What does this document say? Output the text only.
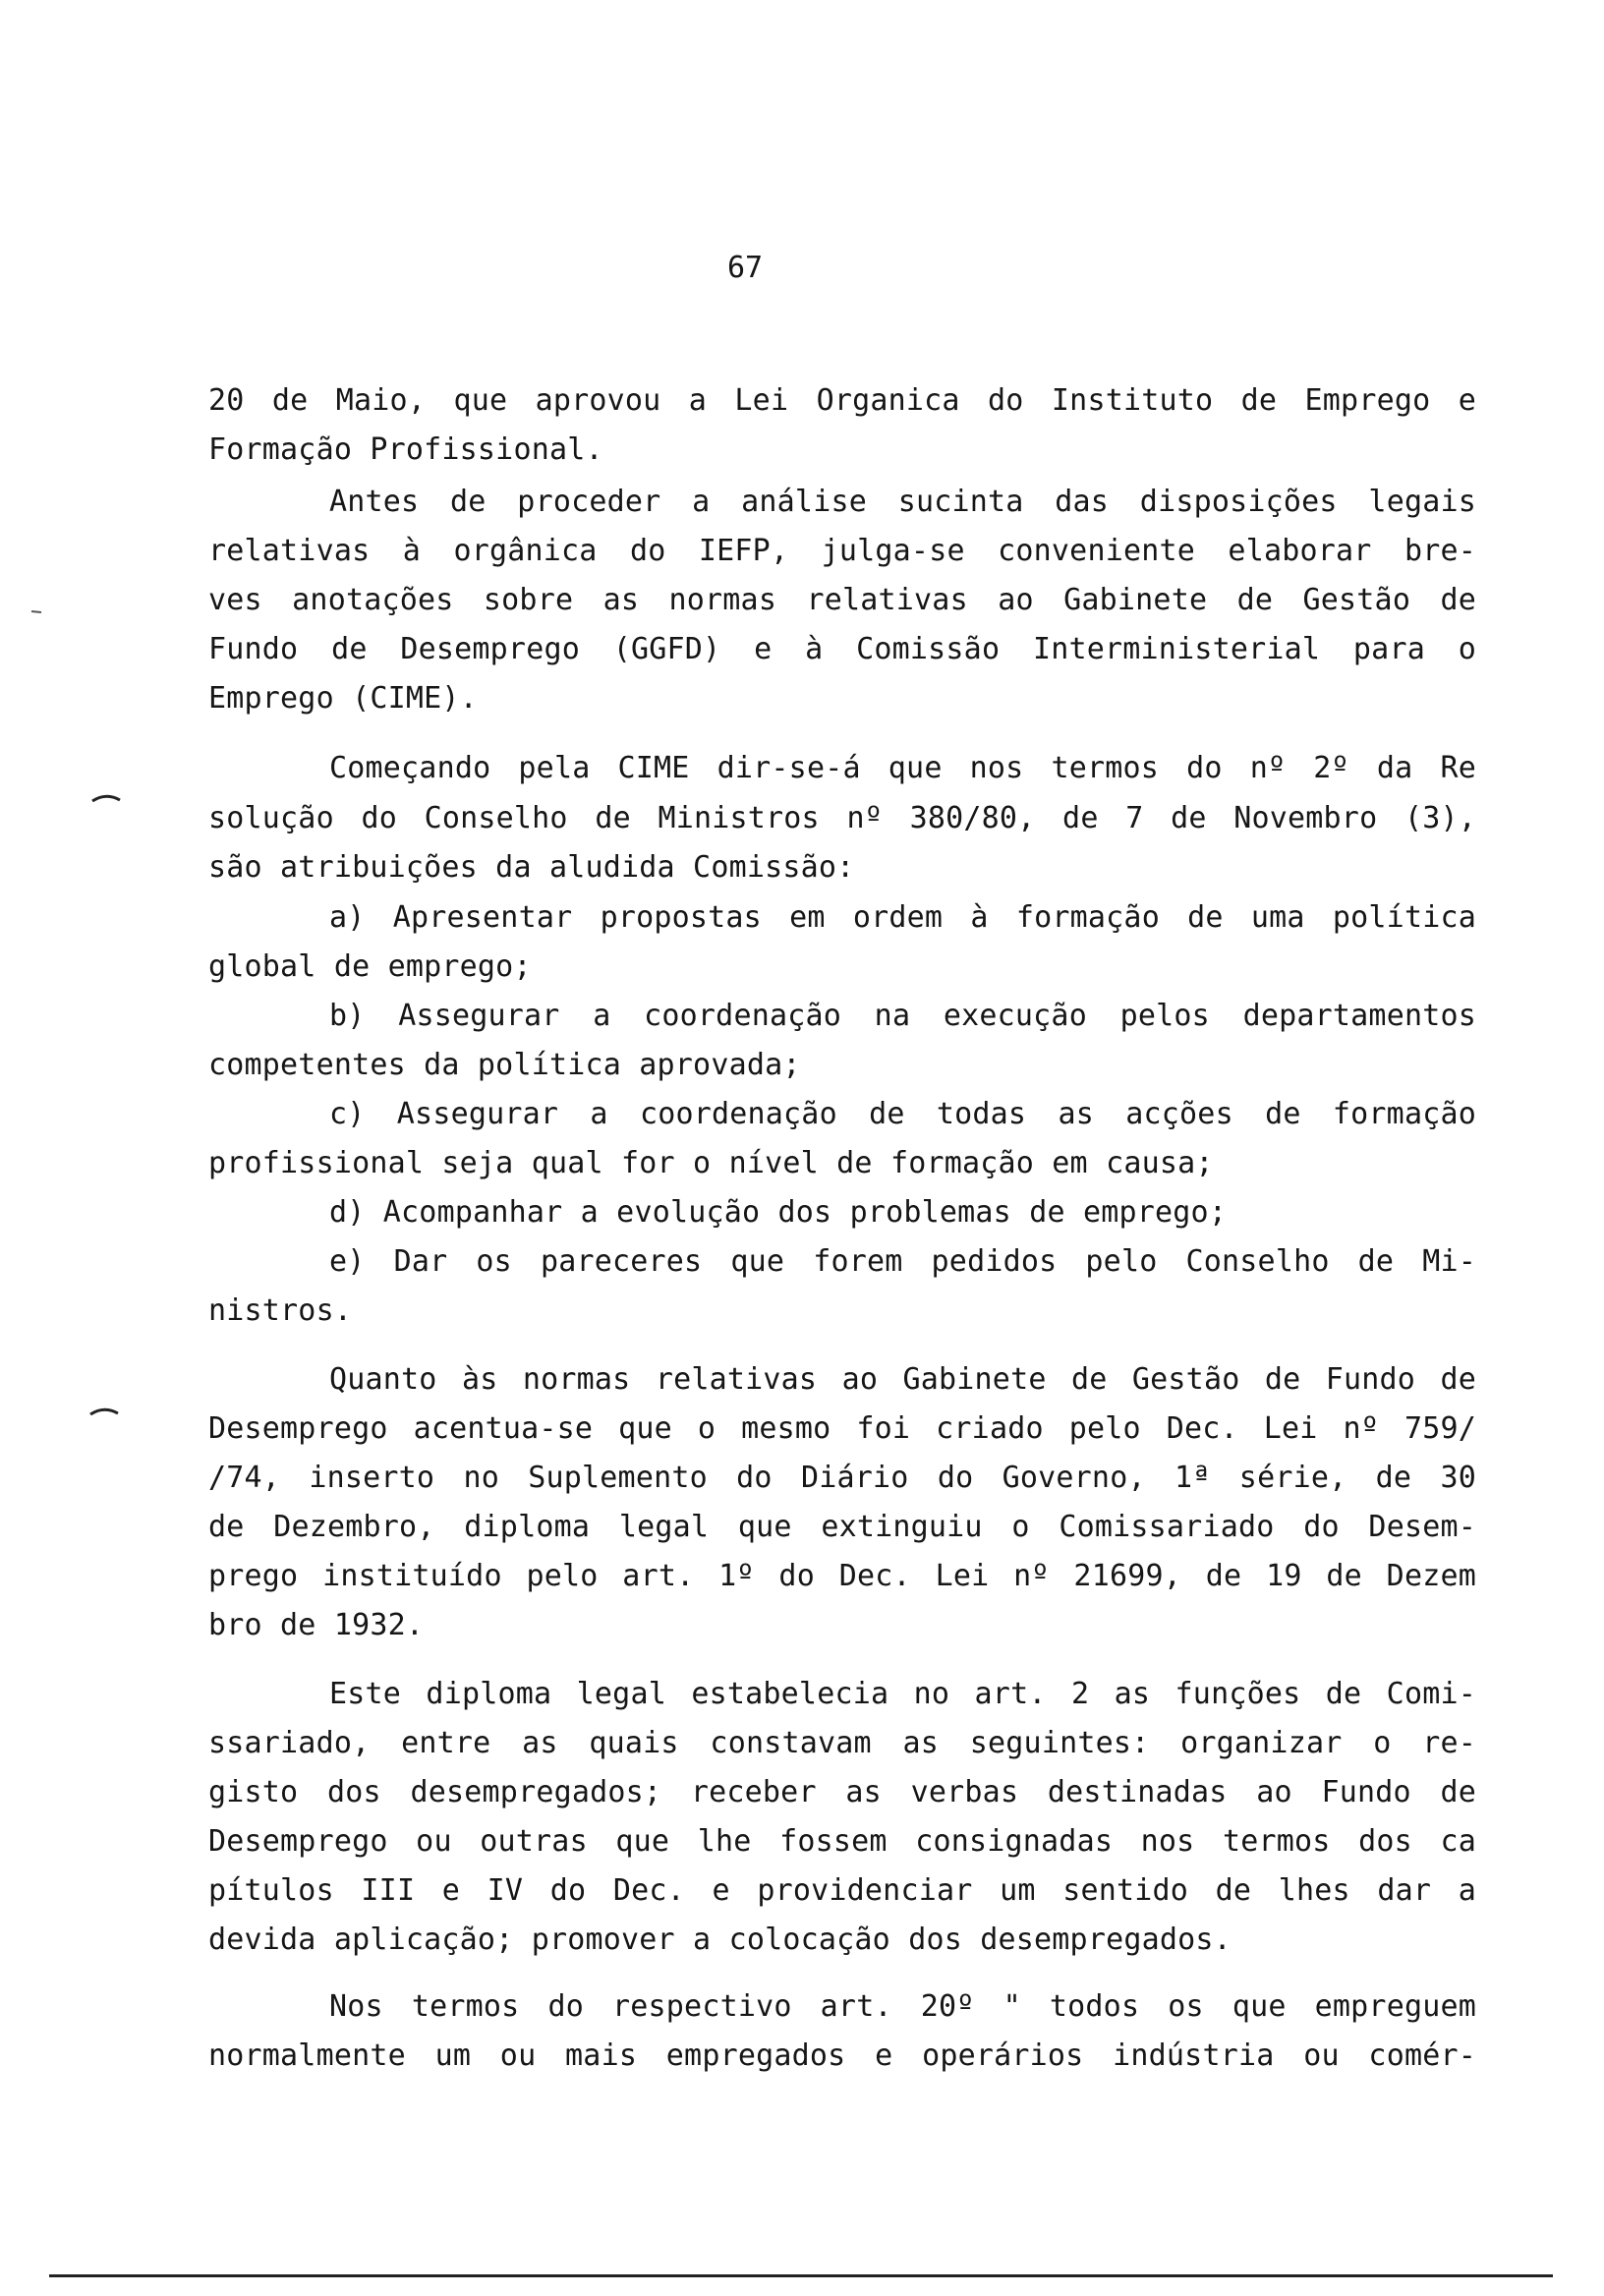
67
20 de Maio, que aprovou a Lei Organica do Instituto de Emprego e
Formação Profissional.
Antes de proceder a análise sucinta das disposições legais
relativas à orgânica do IEFP, julga-se conveniente elaborar bre-
ves anotações sobre as normas relativas ao Gabinete de Gestão de
Fundo de Desemprego (GGFD) e à Comissão Interministerial para o
Emprego (CIME).
Começando pela CIME dir-se-á que nos termos do nº 2º da Re
solução do Conselho de Ministros nº 380/80, de 7 de Novembro (3),
são atribuições da aludida Comissão:
a) Apresentar propostas em ordem à formação de uma política
global de emprego;
b) Assegurar a coordenação na execução pelos departamentos
competentes da política aprovada;
c) Assegurar a coordenação de todas as acções de formação
profissional seja qual for o nível de formação em causa;
d) Acompanhar a evolução dos problemas de emprego;
e) Dar os pareceres que forem pedidos pelo Conselho de Mi-
nistros.
Quanto às normas relativas ao Gabinete de Gestão de Fundo de
Desemprego acentua-se que o mesmo foi criado pelo Dec. Lei nº 759/
/74, inserto no Suplemento do Diário do Governo, 1ª série, de 30
de Dezembro, diploma legal que extinguiu o Comissariado do Desem-
prego instituído pelo art. 1º do Dec. Lei nº 21699, de 19 de Dezem
bro de 1932.
Este diploma legal estabelecia no art. 2 as funções de Comi-
ssariado, entre as quais constavam as seguintes: organizar o re-
gisto dos desempregados; receber as verbas destinadas ao Fundo de
Desemprego ou outras que lhe fossem consignadas nos termos dos ca
pítulos III e IV do Dec. e providenciar um sentido de lhes dar a
devida aplicação; promover a colocação dos desempregados.
Nos termos do respectivo art. 20º " todos os que empreguem
normalmente um ou mais empregados e operários indústria ou comér-
